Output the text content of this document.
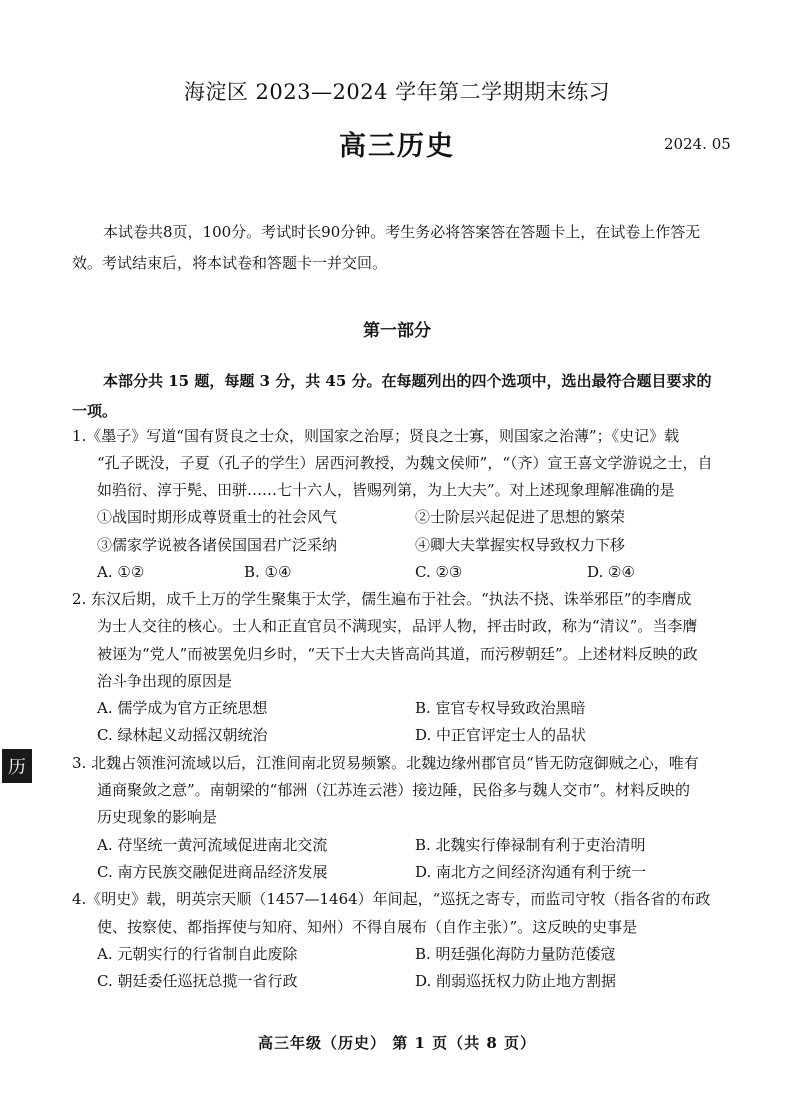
海淀区 2023—2024 学年第二学期期末练习
高三历史	2024. 05
本试卷共8页，100分。考试时长90分钟。考生务必将答案答在答题卡上，在试卷上作答无
效。考试结束后，将本试卷和答题卡一并交回。
第一部分
本部分共 15 题，每题 3 分，共 45 分。在每题列出的四个选项中，选出最符合题目要求的
一项。
1.《墨子》写道“国有贤良之士众，则国家之治厚；贤良之士寡，则国家之治薄”；《史记》载
“孔子既没，子夏（孔子的学生）居西河教授，为魏文侯师”，“（齐）宣王喜文学游说之士，自
如驺衍、淳于髡、田骈……七十六人，皆赐列第，为上大夫”。对上述现象理解准确的是
①战国时期形成尊贤重士的社会风气	②士阶层兴起促进了思想的繁荣
③儒家学说被各诸侯国国君广泛采纳	④卿大夫掌握实权导致权力下移
A. ①②	B. ①④	C. ②③	D. ②④
2. 东汉后期，成千上万的学生聚集于太学，儒生遍布于社会。“执法不挠、诛举邪臣”的李膺成
为士人交往的核心。士人和正直官员不满现实，品评人物，抨击时政，称为“清议”。当李膺
被诬为“党人”而被罢免归乡时，“天下士大夫皆高尚其道，而污秽朝廷”。上述材料反映的政
治斗争出现的原因是
A. 儒学成为官方正统思想	B. 宦官专权导致政治黑暗
C. 绿林起义动摇汉朝统治	D. 中正官评定士人的品状
历	3. 北魏占领淮河流域以后，江淮间南北贸易频繁。北魏边缘州郡官员“皆无防寇御贼之心，唯有
通商聚敛之意”。南朝梁的“郁洲（江苏连云港）接边陲，民俗多与魏人交市”。材料反映的
历史现象的影响是
A. 苻坚统一黄河流域促进南北交流	B. 北魏实行俸禄制有利于吏治清明
C. 南方民族交融促进商品经济发展	D. 南北方之间经济沟通有利于统一
4.《明史》载，明英宗天顺（1457—1464）年间起，“巡抚之寄专，而监司守牧（指各省的布政
使、按察使、都指挥使与知府、知州）不得自展布（自作主张）”。这反映的史事是
A. 元朝实行的行省制自此废除	B. 明廷强化海防力量防范倭寇
C. 朝廷委任巡抚总揽一省行政	D. 削弱巡抚权力防止地方割据
高三年级（历史） 第 1 页（共 8 页）
